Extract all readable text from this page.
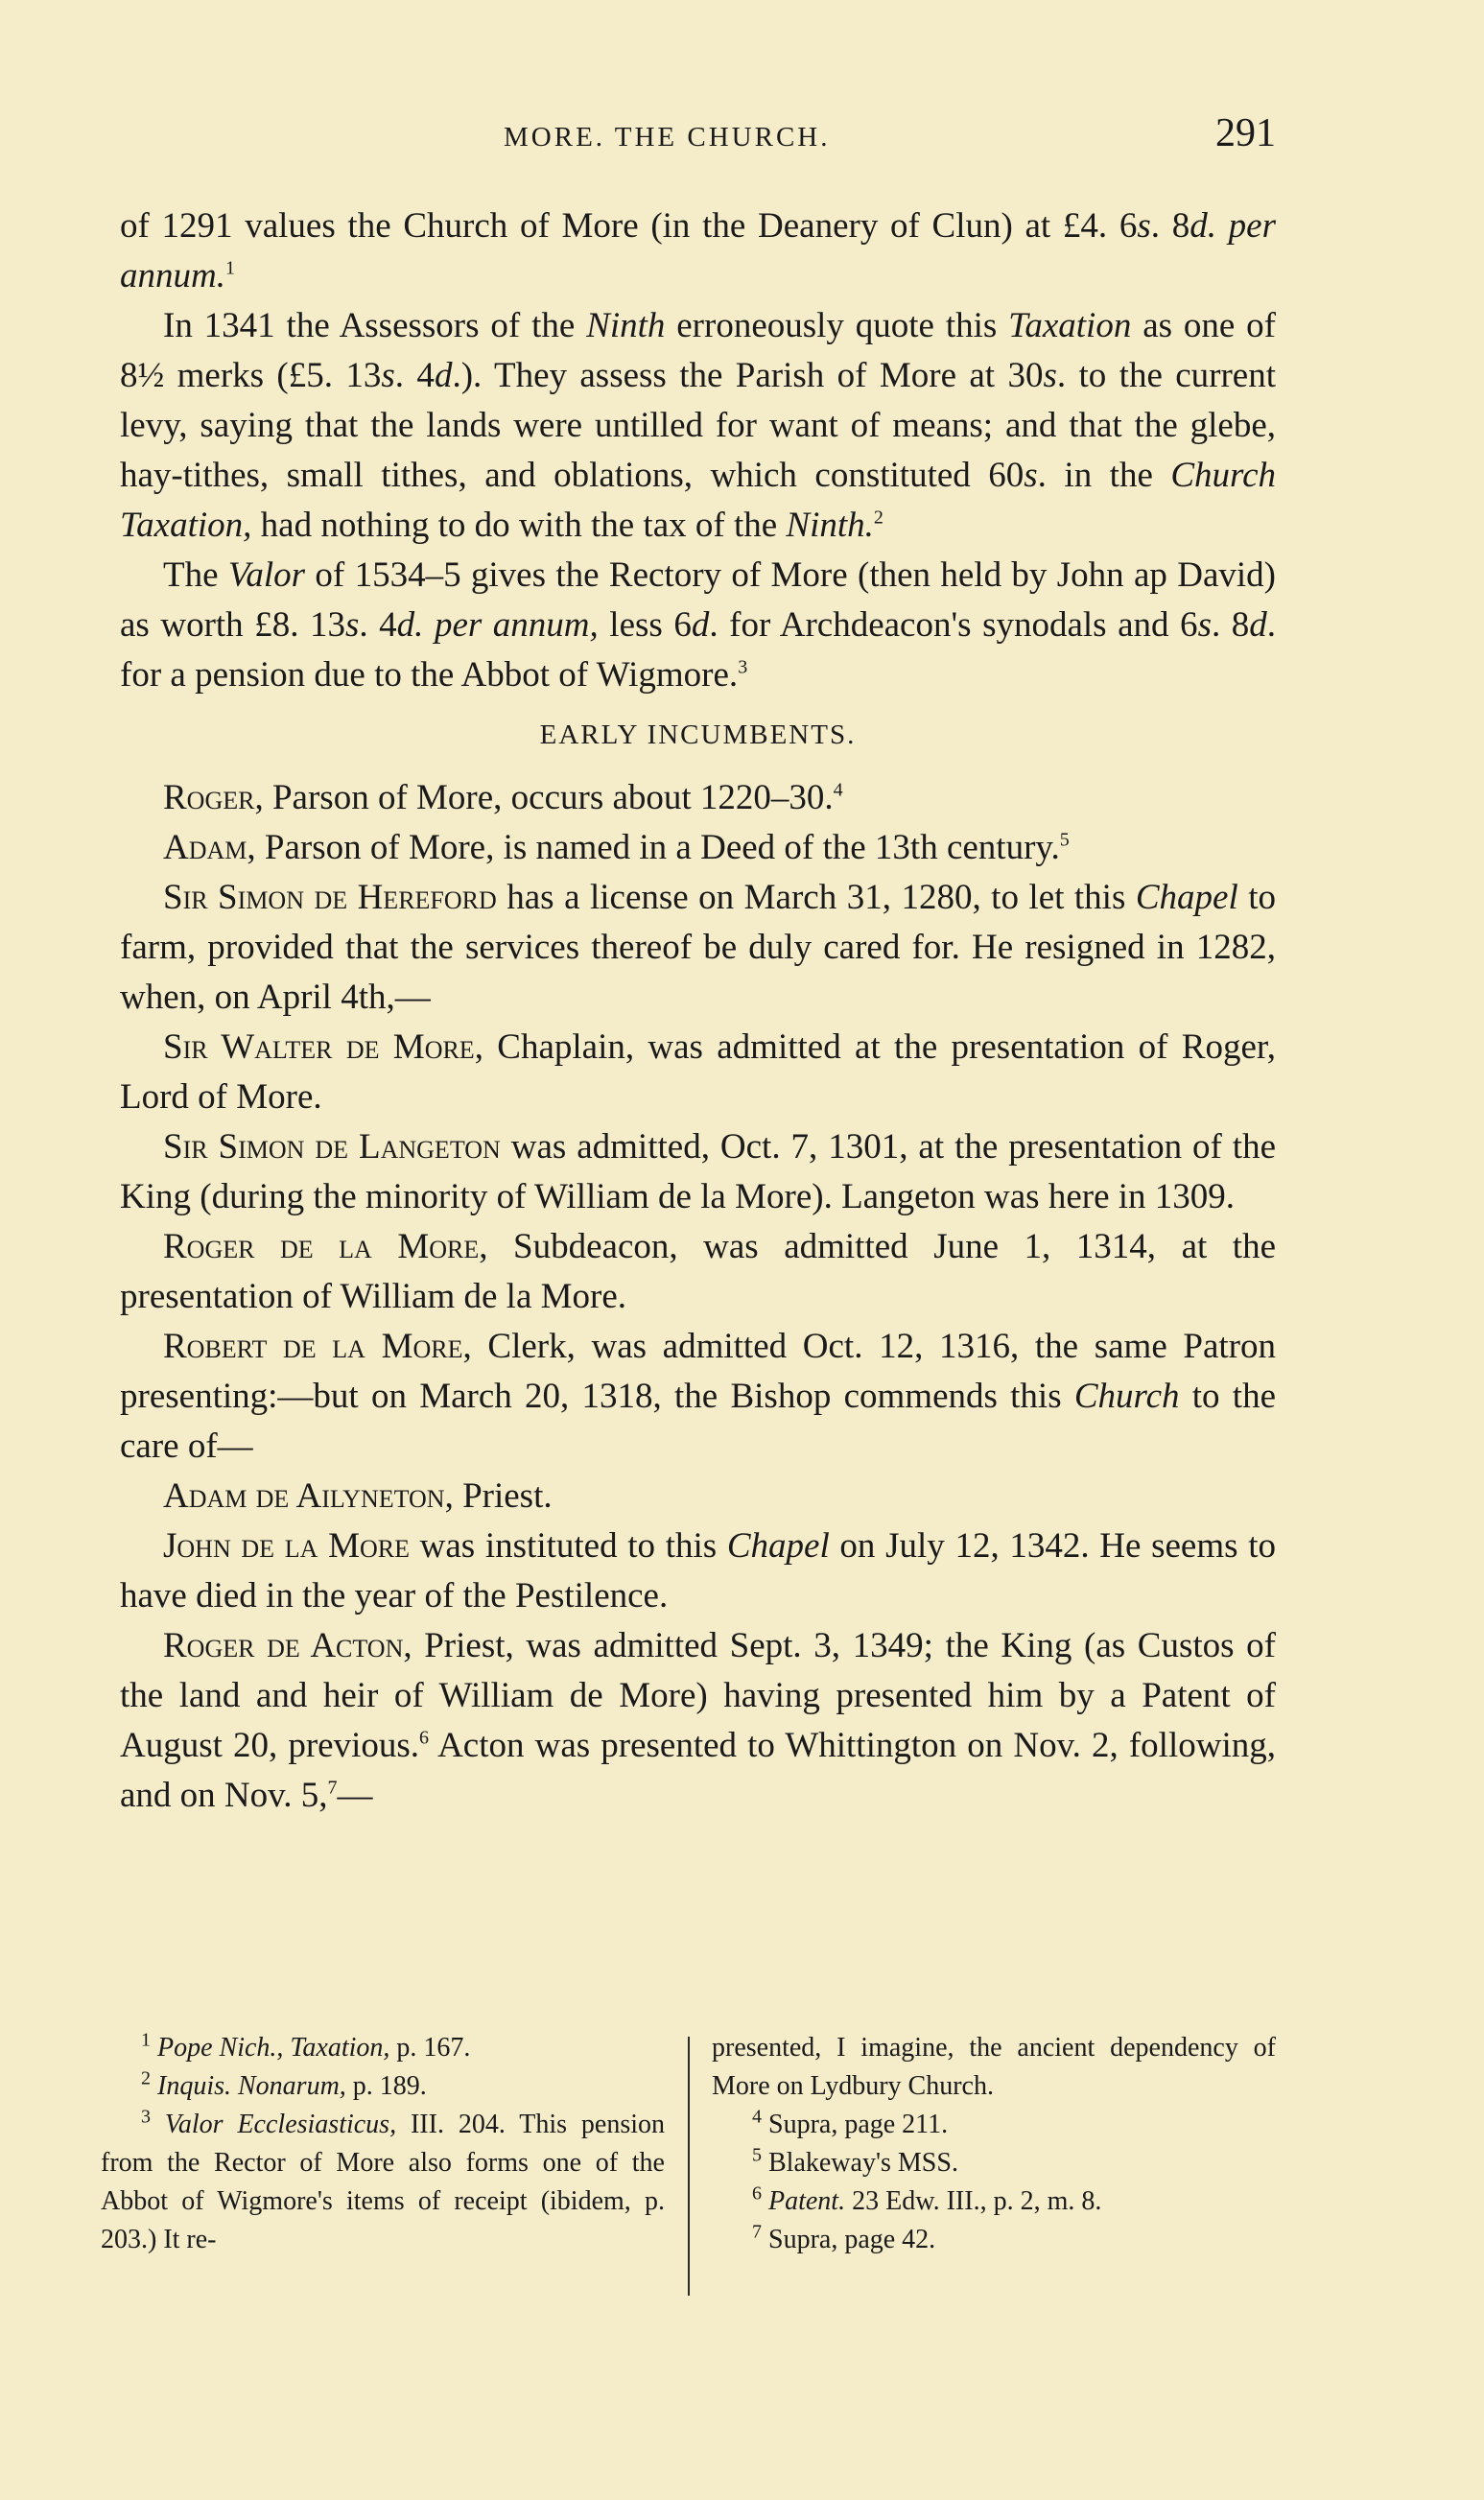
MORE. THE CHURCH.	291

of 1291 values the Church of More (in the Deanery of Clun) at £4. 6s. 8d. per annum.$^1$

In 1341 the Assessors of the Ninth erroneously quote this Taxation as one of 8½ merks (£5. 13s. 4d.). They assess the Parish of More at 30s. to the current levy, saying that the lands were untilled for want of means; and that the glebe, hay-tithes, small tithes, and oblations, which constituted 60s. in the Church Taxation, had nothing to do with the tax of the Ninth.$^2$

The Valor of 1534–5 gives the Rectory of More (then held by John ap David) as worth £8. 13s. 4d. per annum, less 6d. for Archdeacon's synodals and 6s. 8d. for a pension due to the Abbot of Wigmore.$^3$

EARLY INCUMBENTS.

Roger, Parson of More, occurs about 1220–30.$^4$

Adam, Parson of More, is named in a Deed of the 13th century.$^5$

Sir Simon de Hereford has a license on March 31, 1280, to let this Chapel to farm, provided that the services thereof be duly cared for. He resigned in 1282, when, on April 4th,—

Sir Walter de More, Chaplain, was admitted at the presentation of Roger, Lord of More.

Sir Simon de Langeton was admitted, Oct. 7, 1301, at the presentation of the King (during the minority of William de la More). Langeton was here in 1309.

Roger de la More, Subdeacon, was admitted June 1, 1314, at the presentation of William de la More.

Robert de la More, Clerk, was admitted Oct. 12, 1316, the same Patron presenting:—but on March 20, 1318, the Bishop commends this Church to the care of—

Adam de Ailyneton, Priest.

John de la More was instituted to this Chapel on July 12, 1342. He seems to have died in the year of the Pestilence.

Roger de Acton, Priest, was admitted Sept. 3, 1349; the King (as Custos of the land and heir of William de More) having presented him by a Patent of August 20, previous.$^6$ Acton was presented to Whittington on Nov. 2, following, and on Nov. 5,$^7$—

$^1$ Pope Nich., Taxation, p. 167.

$^2$ Inquis. Nonarum, p. 189.

$^3$ Valor Ecclesiasticus, III. 204. This pension from the Rector of More also forms one of the Abbot of Wigmore's items of receipt (ibidem, p. 203.) It re-

presented, I imagine, the ancient dependency of More on Lydbury Church.

$^4$ Supra, page 211.

$^5$ Blakeway's MSS.

$^6$ Patent. 23 Edw. III., p. 2, m. 8.

$^7$ Supra, page 42.
